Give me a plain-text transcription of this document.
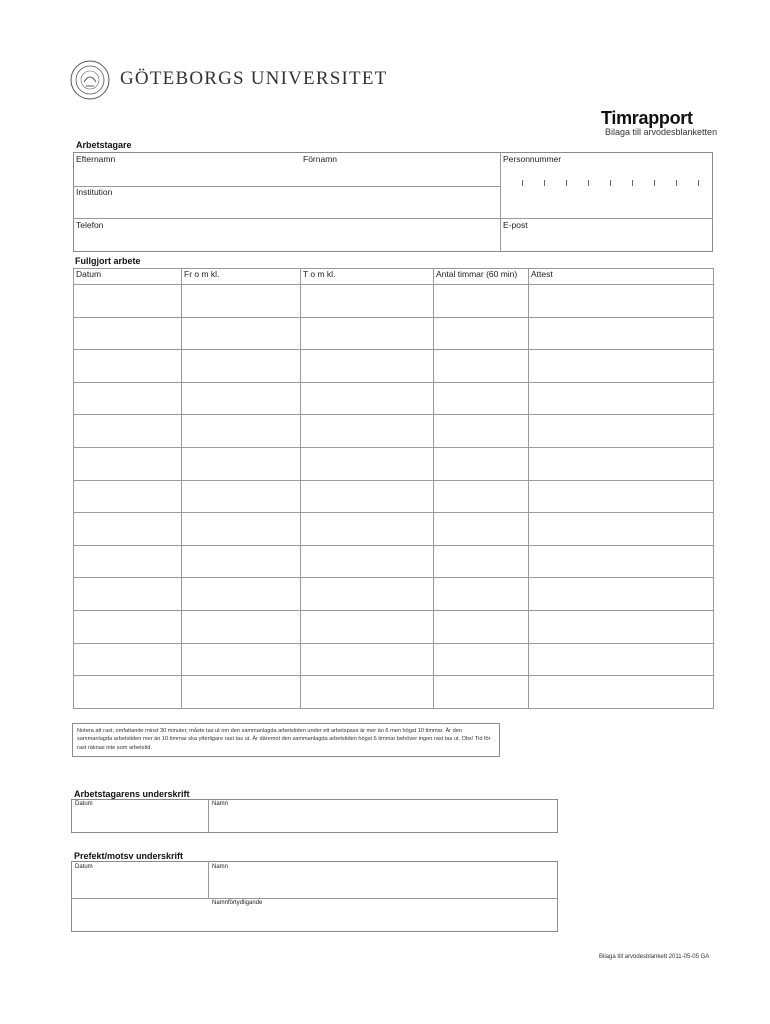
GÖTEBORGS UNIVERSITET
Timrapport
Bilaga till arvodesblanketten
Arbetstagare
Efternamn	Förnamn	Personnummer
Institution
Telefon	E-post
Fullgjort arbete
Datum	Fr o m kl.	T o m kl.	Antal timmar (60 min)	Attest

Notera att rast, omfattande minst 30 minuter, måste tas ut om den sammanlagda arbetstiden under ett arbetspass är mer än 6 men högst 10 timmar. Är den sammanlagda arbetstiden mer än 10 timmar ska ytterligare rast tas ut. Är däremot den sammanlagda arbetstiden högst 6 timmar behöver ingen rast tas ut. Obs! Tid för rast räknas inte som arbetstid.
Arbetstagarens underskrift
Datum	Namn
Prefekt/motsv underskrift
Datum	Namn
Namnförtydligande
Bilaga till arvodesblankett 2011-05-05 GA
